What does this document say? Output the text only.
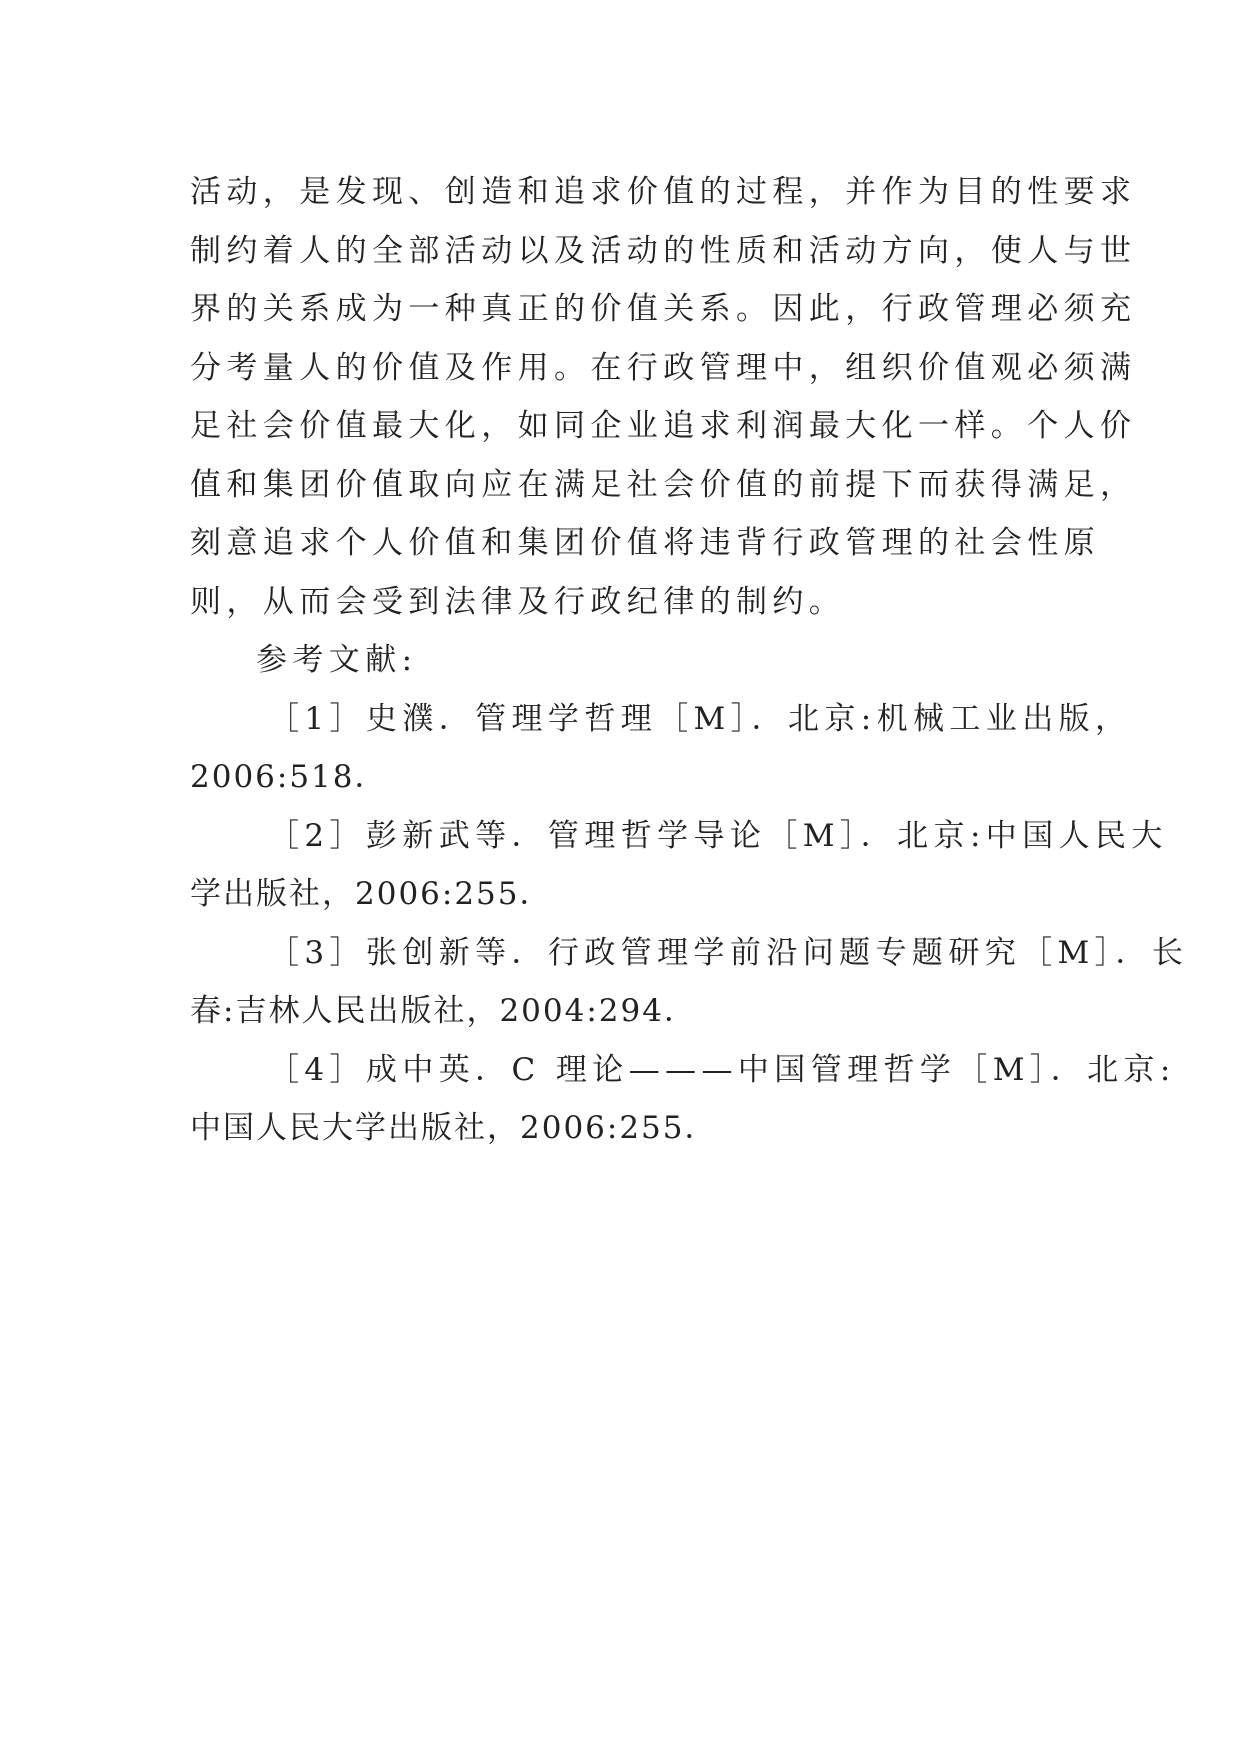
活动，是发现、创造和追求价值的过程，并作为目的性要求
制约着人的全部活动以及活动的性质和活动方向，使人与世
界的关系成为一种真正的价值关系。因此，行政管理必须充
分考量人的价值及作用。在行政管理中，组织价值观必须满
足社会价值最大化，如同企业追求利润最大化一样。个人价
值和集团价值取向应在满足社会价值的前提下而获得满足，
刻意追求个人价值和集团价值将违背行政管理的社会性原
则，从而会受到法律及行政纪律的制约。
参考文献:
［1］史濮．管理学哲理［M］．北京:机械工业出版，
2006:518．
［2］彭新武等．管理哲学导论［M］．北京:中国人民大
学出版社，2006:255．
［3］张创新等．行政管理学前沿问题专题研究［M］．长
春:吉林人民出版社，2004:294．
［4］成中英．C 理论———中国管理哲学［M］．北京:
中国人民大学出版社，2006:255．
